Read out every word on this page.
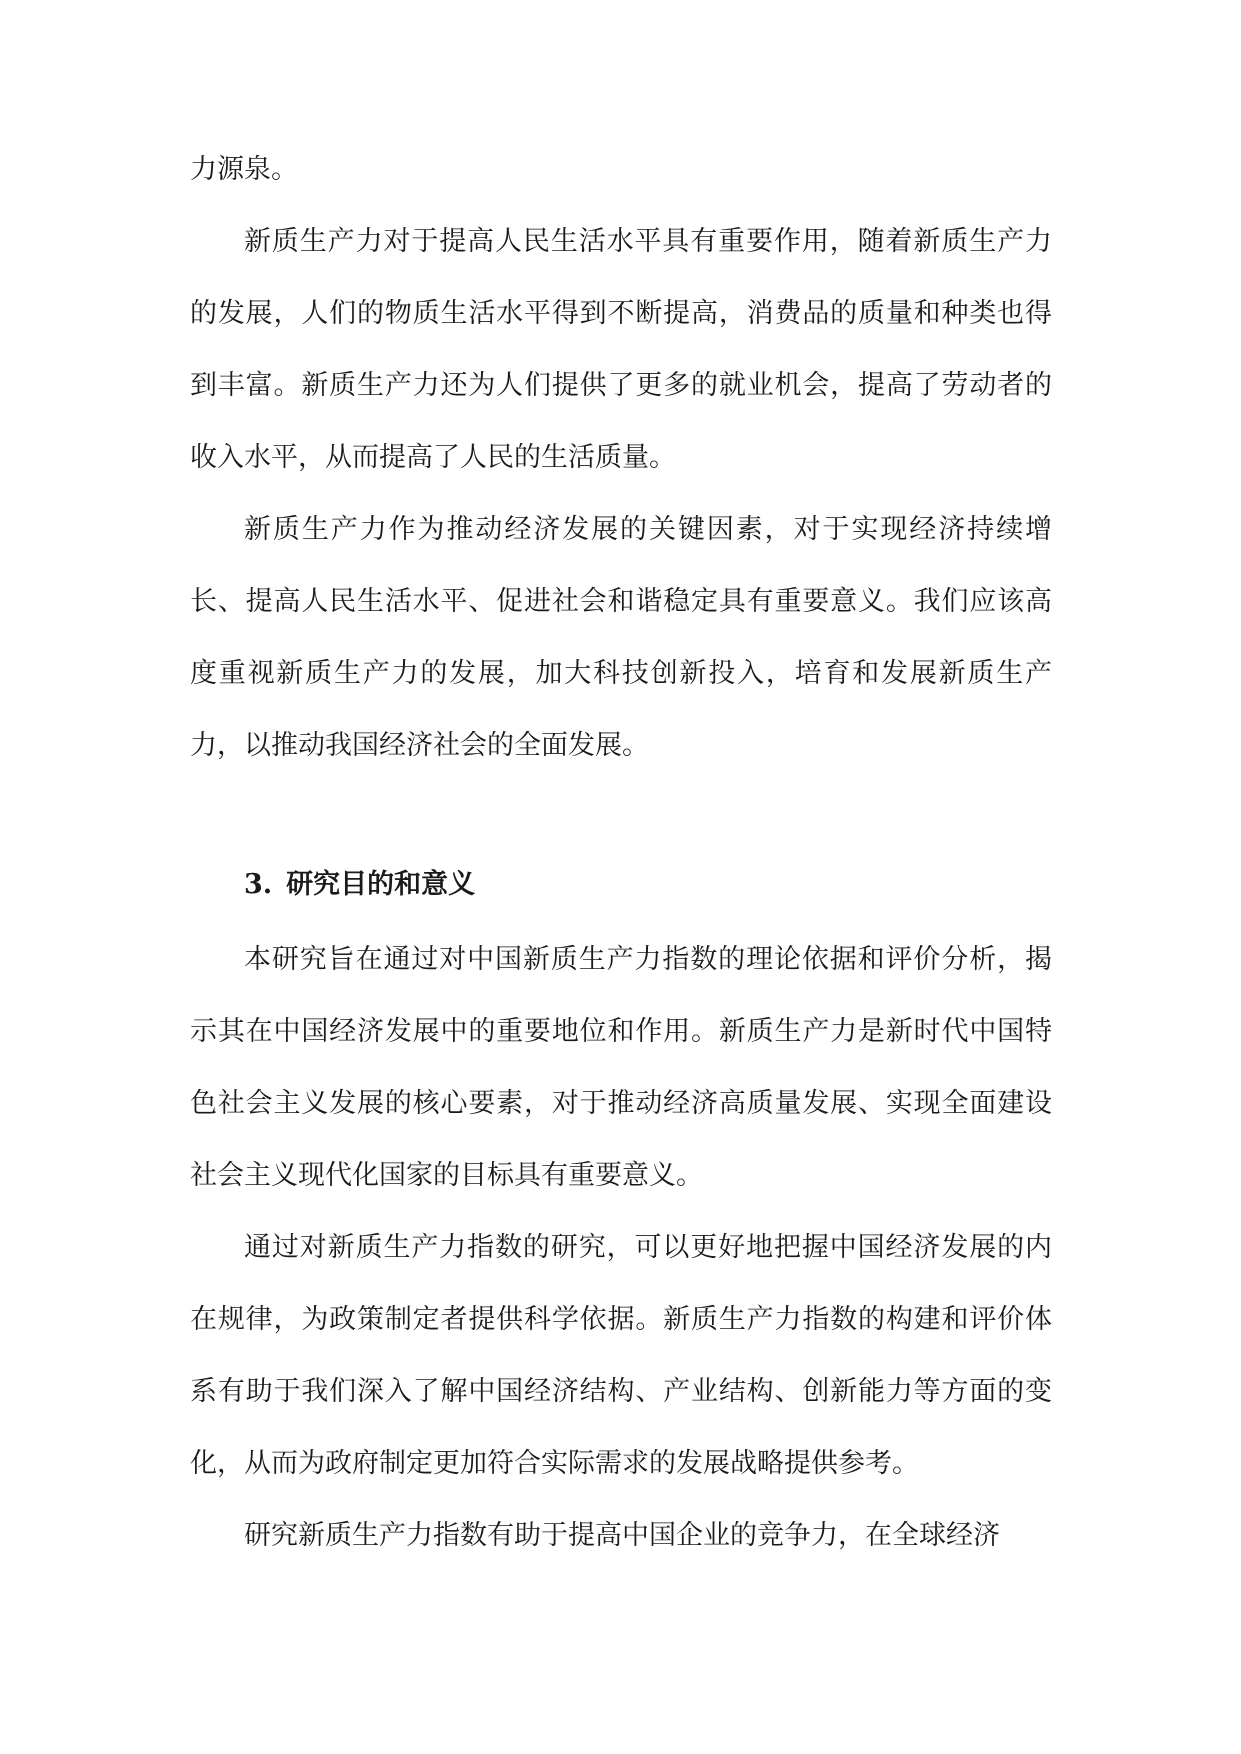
力源泉。

新质生产力对于提高人民生活水平具有重要作用，随着新质生产力的发展，人们的物质生活水平得到不断提高，消费品的质量和种类也得到丰富。新质生产力还为人们提供了更多的就业机会，提高了劳动者的收入水平，从而提高了人民的生活质量。

新质生产力作为推动经济发展的关键因素，对于实现经济持续增长、提高人民生活水平、促进社会和谐稳定具有重要意义。我们应该高度重视新质生产力的发展，加大科技创新投入，培育和发展新质生产力，以推动我国经济社会的全面发展。

3. 研究目的和意义

本研究旨在通过对中国新质生产力指数的理论依据和评价分析，揭示其在中国经济发展中的重要地位和作用。新质生产力是新时代中国特色社会主义发展的核心要素，对于推动经济高质量发展、实现全面建设社会主义现代化国家的目标具有重要意义。

通过对新质生产力指数的研究，可以更好地把握中国经济发展的内在规律，为政策制定者提供科学依据。新质生产力指数的构建和评价体系有助于我们深入了解中国经济结构、产业结构、创新能力等方面的变化，从而为政府制定更加符合实际需求的发展战略提供参考。

研究新质生产力指数有助于提高中国企业的竞争力，在全球经济
